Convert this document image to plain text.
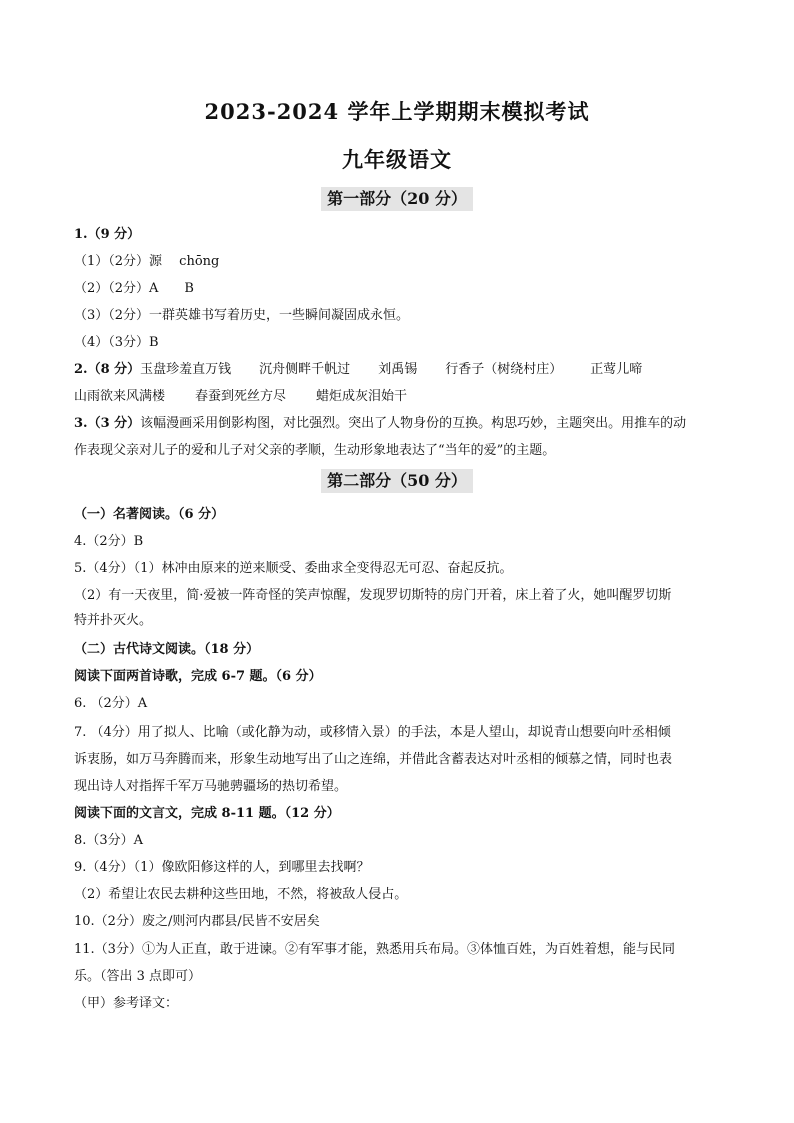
2023-2024 学年上学期期末模拟考试
九年级语文
第一部分（20 分）
1.（9 分）
（1）（2分）源　 chōng
（2）（2分）A　　B
（3）（2分）一群英雄书写着历史，一些瞬间凝固成永恒。
（4）（3分）B
2.（8 分）玉盘珍羞直万钱 沉舟侧畔千帆过 刘禹锡 行香子（树绕村庄） 正莺儿啼
山雨欲来风满楼 春蚕到死丝方尽 蜡炬成灰泪始干
3.（3 分）该幅漫画采用倒影构图，对比强烈。突出了人物身份的互换。构思巧妙，主题突出。用推车的动
作表现父亲对儿子的爱和儿子对父亲的孝顺，生动形象地表达了“当年的爱”的主题。
第二部分（50 分）
（一）名著阅读。（6 分）
4.（2分）B
5.（4分）（1）林冲由原来的逆来顺受、委曲求全变得忍无可忍、奋起反抗。
（2）有一天夜里，简·爱被一阵奇怪的笑声惊醒，发现罗切斯特的房门开着，床上着了火，她叫醒罗切斯
特并扑灭火。
（二）古代诗文阅读。（18 分）
阅读下面两首诗歌，完成 6-7 题。（6 分）
6. （2分）A
7. （4分）用了拟人、比喻（或化静为动，或移情入景）的手法，本是人望山，却说青山想要向叶丞相倾
诉衷肠，如万马奔腾而来，形象生动地写出了山之连绵，并借此含蓄表达对叶丞相的倾慕之情，同时也表
现出诗人对指挥千军万马驰骋疆场的热切希望。
阅读下面的文言文，完成 8-11 题。（12 分）
8.（3分）A
9.（4分）（1）像欧阳修这样的人，到哪里去找啊？
（2）希望让农民去耕种这些田地，不然，将被敌人侵占。
10.（2分）废之/则河内郡县/民皆不安居矣
11.（3分）①为人正直，敢于进谏。②有军事才能，熟悉用兵布局。③体恤百姓，为百姓着想，能与民同
乐。（答出 3 点即可）
（甲）参考译文：
